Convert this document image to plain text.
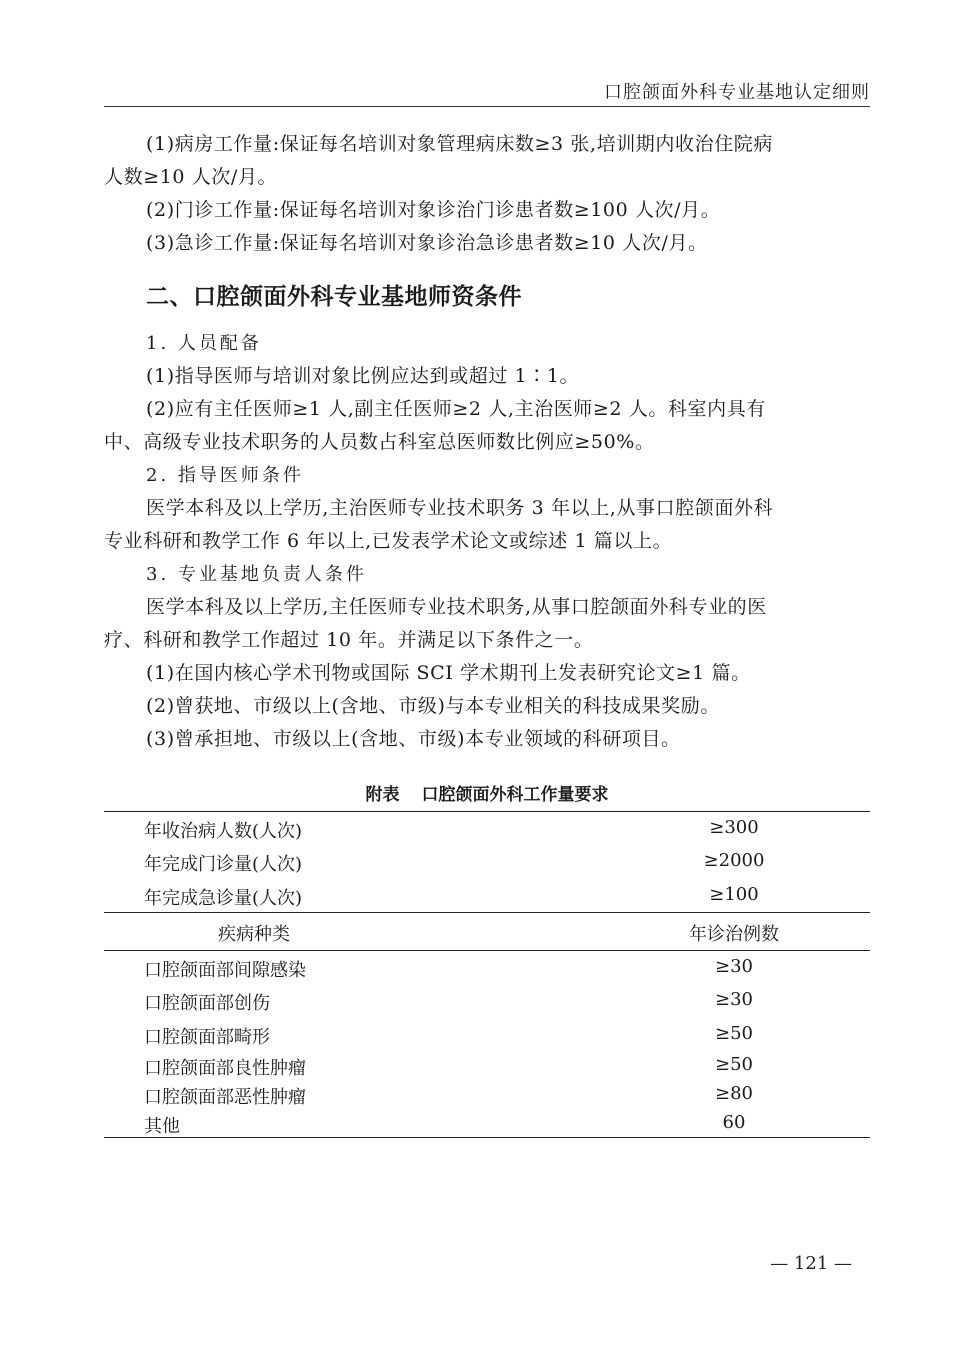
口腔颌面外科专业基地认定细则
(1)病房工作量:保证每名培训对象管理病床数≥3 张,培训期内收治住院病
人数≥10 人次/月。
(2)门诊工作量:保证每名培训对象诊治门诊患者数≥100 人次/月。
(3)急诊工作量:保证每名培训对象诊治急诊患者数≥10 人次/月。
二、口腔颌面外科专业基地师资条件
1. 人员配备
(1)指导医师与培训对象比例应达到或超过 1∶1。
(2)应有主任医师≥1 人,副主任医师≥2 人,主治医师≥2 人。科室内具有
中、高级专业技术职务的人员数占科室总医师数比例应≥50%。
2. 指导医师条件
医学本科及以上学历,主治医师专业技术职务 3 年以上,从事口腔颌面外科
专业科研和教学工作 6 年以上,已发表学术论文或综述 1 篇以上。
3. 专业基地负责人条件
医学本科及以上学历,主任医师专业技术职务,从事口腔颌面外科专业的医
疗、科研和教学工作超过 10 年。并满足以下条件之一。
(1)在国内核心学术刊物或国际 SCI 学术期刊上发表研究论文≥1 篇。
(2)曾获地、市级以上(含地、市级)与本专业相关的科技成果奖励。
(3)曾承担地、市级以上(含地、市级)本专业领域的科研项目。
附表 口腔颌面外科工作量要求
年收治病人数(人次)	≥300
年完成门诊量(人次)	≥2000
年完成急诊量(人次)	≥100
疾病种类	年诊治例数
口腔颌面部间隙感染	≥30
口腔颌面部创伤	≥30
口腔颌面部畸形	≥50
口腔颌面部良性肿瘤	≥50
口腔颌面部恶性肿瘤	≥80
其他	60
— 121 —
